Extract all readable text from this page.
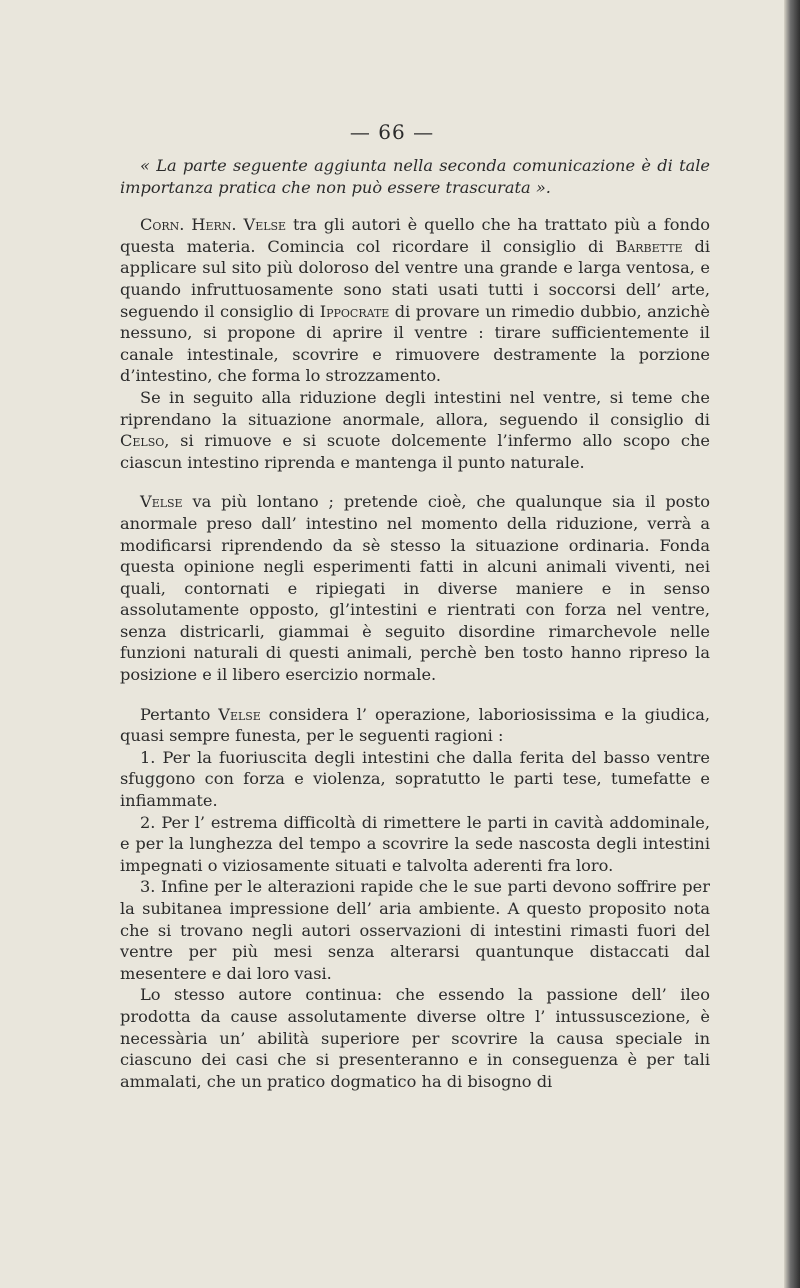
— 66 —

« La parte seguente aggiunta nella seconda comunicazione è di tale importanza pratica che non può essere trascurata ».

Corn. Hern. Velse tra gli autori è quello che ha trattato più a fondo questa materia. Comincia col ricordare il consiglio di Barbette di applicare sul sito più doloroso del ventre una grande e larga ventosa, e quando infruttuosamente sono stati usati tutti i soccorsi dell’ arte, seguendo il consiglio di Ippocrate di provare un rimedio dubbio, anzichè nessuno, si propone di aprire il ventre : tirare sufficientemente il canale intestinale, scovrire e rimuovere destramente la porzione d’intestino, che forma lo strozzamento.

Se in seguito alla riduzione degli intestini nel ventre, si teme che riprendano la situazione anormale, allora, seguendo il consiglio di Celso, si rimuove e si scuote dolcemente l’infermo allo scopo che ciascun intestino riprenda e mantenga il punto naturale.

Velse va più lontano ; pretende cioè, che qualunque sia il posto anormale preso dall’ intestino nel momento della riduzione, verrà a modificarsi riprendendo da sè stesso la situazione ordinaria. Fonda questa opinione negli esperimenti fatti in alcuni animali viventi, nei quali, contornati e ripiegati in diverse maniere e in senso assolutamente opposto, gl’intestini e rientrati con forza nel ventre, senza districarli, giammai è seguito disordine rimarchevole nelle funzioni naturali di questi animali, perchè ben tosto hanno ripreso la posizione e il libero esercizio normale.

Pertanto Velse considera l’ operazione, laboriosissima e la giudica, quasi sempre funesta, per le seguenti ragioni :

1. Per la fuoriuscita degli intestini che dalla ferita del basso ventre sfuggono con forza e violenza, sopratutto le parti tese, tumefatte e infiammate.

2. Per l’ estrema difficoltà di rimettere le parti in cavità addominale, e per la lunghezza del tempo a scovrire la sede nascosta degli intestini impegnati o viziosamente situati e talvolta aderenti fra loro.

3. Infine per le alterazioni rapide che le sue parti devono soffrire per la subitanea impressione dell’ aria ambiente. A questo proposito nota che si trovano negli autori osservazioni di intestini rimasti fuori del ventre per più mesi senza alterarsi quantunque distaccati dal mesentere e dai loro vasi.

Lo stesso autore continua: che essendo la passione dell’ ileo prodotta da cause assolutamente diverse oltre l’ intussuscezione, è necessària un’ abilità superiore per scovrire la causa speciale in ciascuno dei casi che si presenteranno e in conseguenza è per tali ammalati, che un pratico dogmatico ha di bisogno di
